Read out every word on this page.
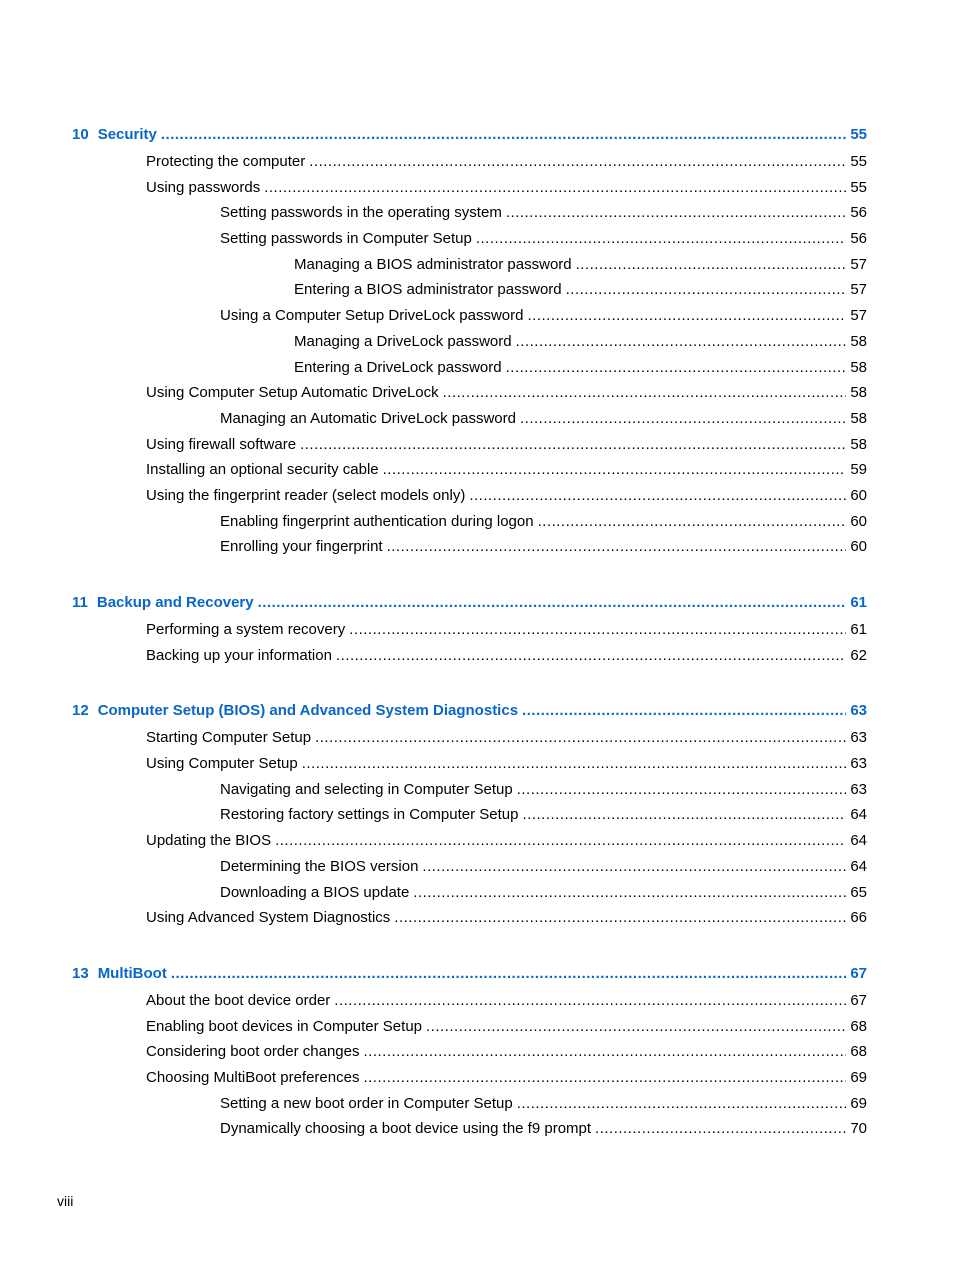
10 Security .....	55
Protecting the computer .....	55
Using passwords .....	55
Setting passwords in the operating system .....	56
Setting passwords in Computer Setup .....	56
Managing a BIOS administrator password .....	57
Entering a BIOS administrator password .....	57
Using a Computer Setup DriveLock password .....	57
Managing a DriveLock password .....	58
Entering a DriveLock password .....	58
Using Computer Setup Automatic DriveLock .....	58
Managing an Automatic DriveLock password .....	58
Using firewall software .....	58
Installing an optional security cable .....	59
Using the fingerprint reader (select models only) .....	60
Enabling fingerprint authentication during logon .....	60
Enrolling your fingerprint .....	60
11 Backup and Recovery .....	61
Performing a system recovery .....	61
Backing up your information .....	62
12 Computer Setup (BIOS) and Advanced System Diagnostics .....	63
Starting Computer Setup .....	63
Using Computer Setup .....	63
Navigating and selecting in Computer Setup .....	63
Restoring factory settings in Computer Setup .....	64
Updating the BIOS .....	64
Determining the BIOS version .....	64
Downloading a BIOS update .....	65
Using Advanced System Diagnostics .....	66
13 MultiBoot .....	67
About the boot device order .....	67
Enabling boot devices in Computer Setup .....	68
Considering boot order changes .....	68
Choosing MultiBoot preferences .....	69
Setting a new boot order in Computer Setup .....	69
Dynamically choosing a boot device using the f9 prompt .....	70
viii
